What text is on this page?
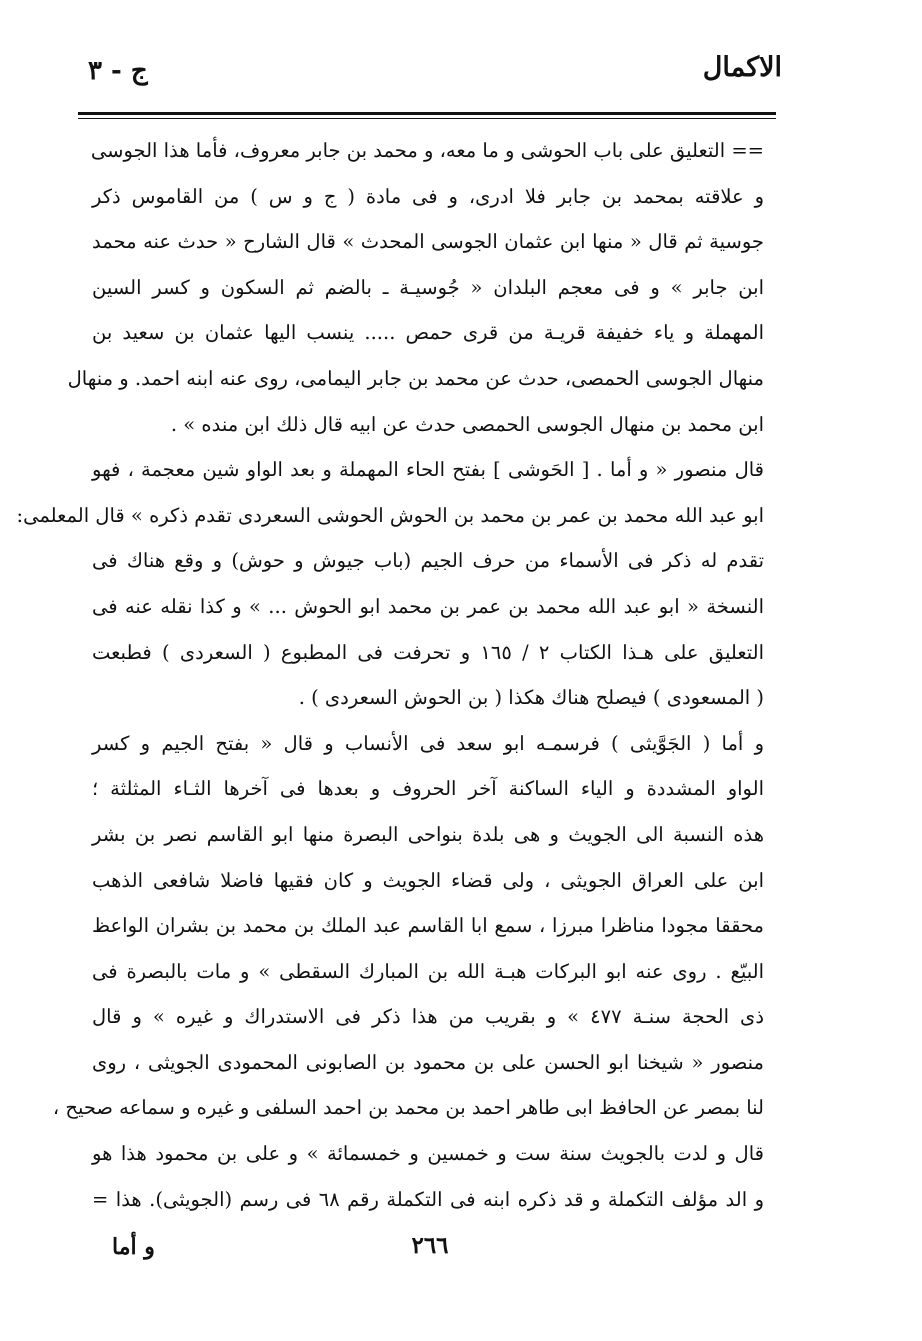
الاكمال
ج - ٣
== التعليق على باب الحوشى و ما معه، و محمد بن جابر معروف، فأما هذا الجوسى
و علاقته بمحمد بن جابر فلا ادرى، و فى مادة ( ج و س ) من القاموس ذكر
جوسية ثم قال « منها ابن عثمان الجوسى المحدث » قال الشارح « حدث عنه محمد
ابن جابر » و فى معجم البلدان « جُوسيـة ـ بالضم ثم السكون و كسر السين
المهملة و ياء خفيفة قريـة من قرى حمص ..... ينسب اليها عثمان بن سعيد بن
منهال الجوسى الحمصى، حدث عن محمد بن جابر اليمامى، روى عنه ابنه احمد. و منهال
ابن محمد بن منهال الجوسى الحمصى حدث عن ابيه قال ذلك ابن منده » .
قال منصور « و أما . [ الحَوشى ] بفتح الحاء المهملة و بعد الواو شين معجمة ، فهو
ابو عبد الله محمد بن عمر بن محمد بن الحوش الحوشى السعردى تقدم ذكره » قال المعلمى:
تقدم له ذكر فى الأسماء من حرف الجيم (باب جيوش و حوش) و وقع هناك فى
النسخة « ابو عبد الله محمد بن عمر بن محمد ابو الحوش ... » و كذا نقله عنه فى
التعليق على هـذا الكتاب ٢ / ١٦٥ و تحرفت فى المطبوع ( السعردى ) فطبعت
( المسعودى ) فيصلح هناك هكذا ( بن الحوش السعردى ) .
و أما ( الجَوَّيثى ) فرسمـه ابو سعد فى الأنساب و قال « بفتح الجيم و كسر
الواو المشددة و الياء الساكنة آخر الحروف و بعدها فى آخرها الثـاء المثلثة ؛
هذه النسبة الى الجويث و هى بلدة بنواحى البصرة منها ابو القاسم نصر بن بشر
ابن على العراق الجويثى ، ولى قضاء الجويث و كان فقيها فاضلا شافعى الذهب
محققا مجودا مناظرا مبرزا ، سمع ابا القاسم عبد الملك بن محمد بن بشران الواعظ
البيّع . روى عنه ابو البركات هبـة الله بن المبارك السقطى » و مات بالبصرة فى
ذى الحجة سنـة ٤٧٧ » و بقريب من هذا ذكر فى الاستدراك و غيره » و قال
منصور « شيخنا ابو الحسن على بن محمود بن الصابونى المحمودى الجويثى ، روى
لنا بمصر عن الحافظ ابى طاهر احمد بن محمد بن احمد السلفى و غيره و سماعه صحيح ،
قال و لدت بالجويث سنة ست و خمسين و خمسمائة » و على بن محمود هذا هو
و الد مؤلف التكملة و قد ذكره ابنه فى التكملة رقم ٦٨ فى رسم (الجويثى). هذا =
٢٦٦
و أما
